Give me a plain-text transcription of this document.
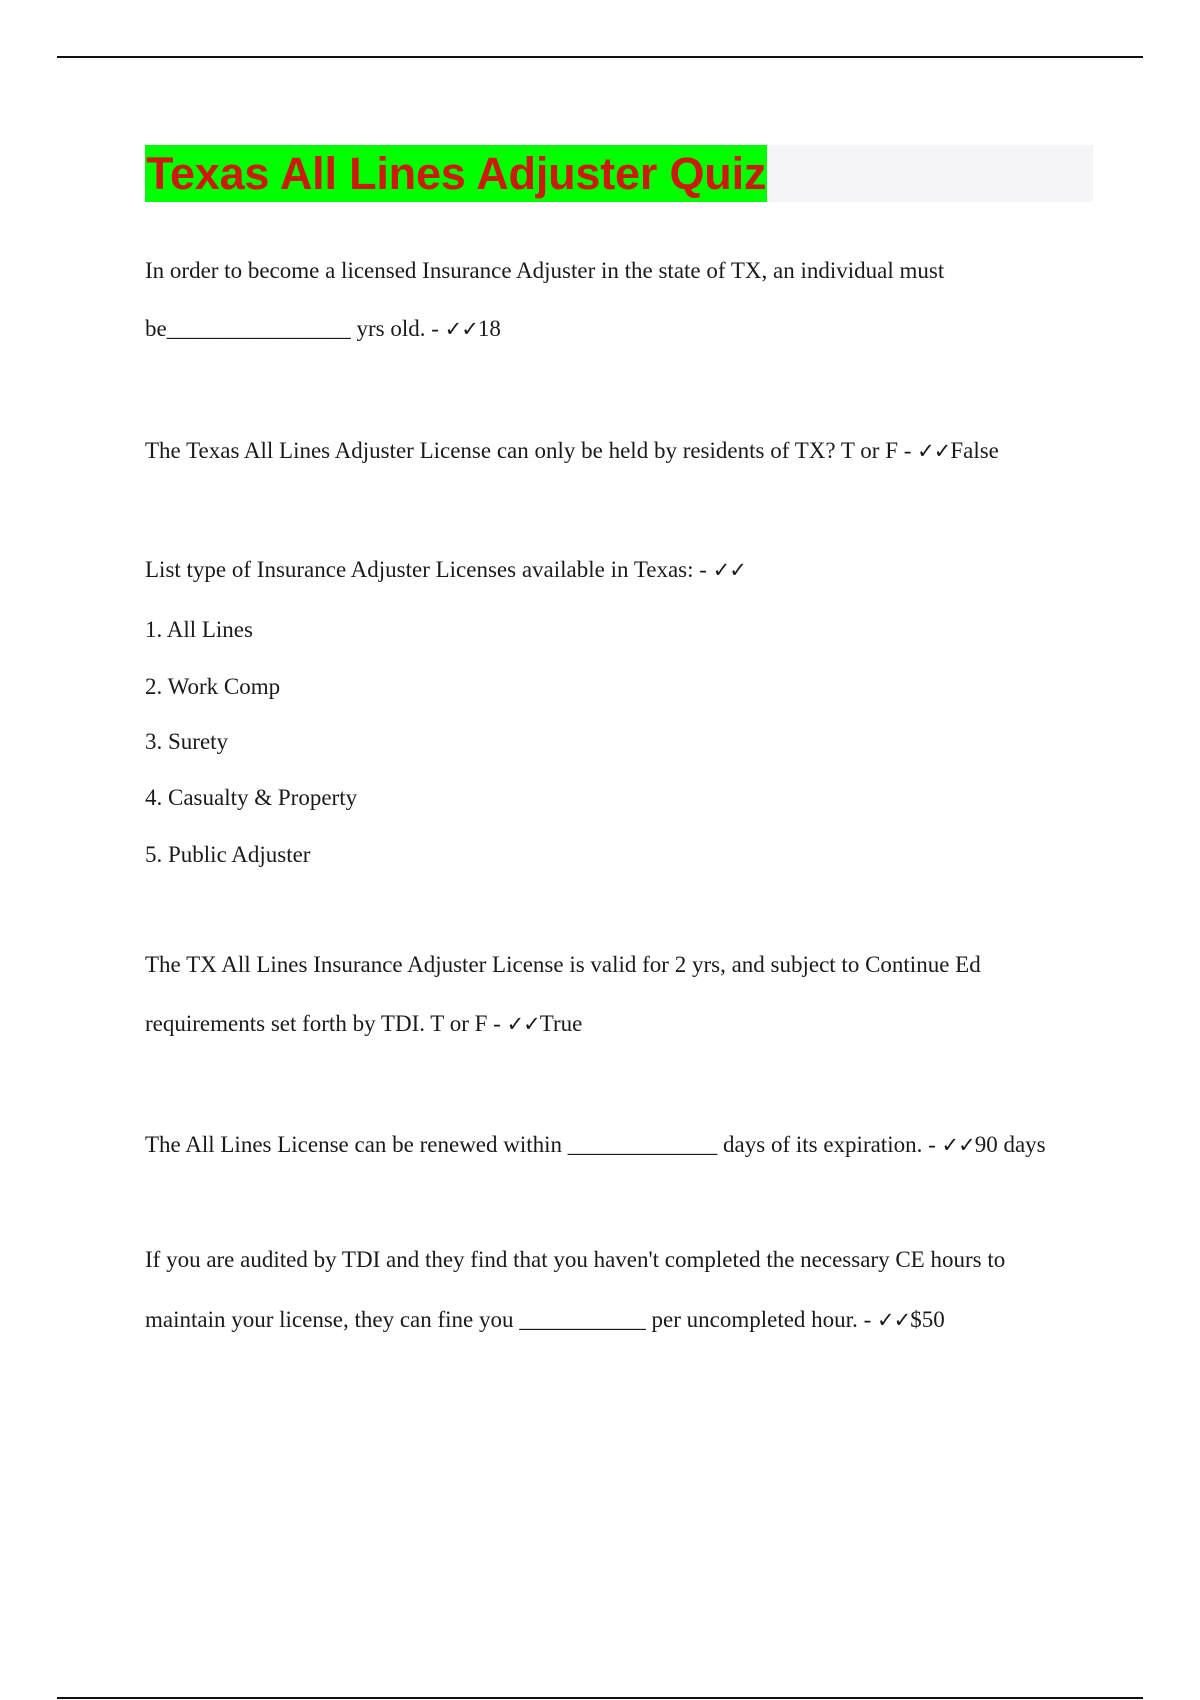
Texas All Lines Adjuster Quiz

In order to become a licensed Insurance Adjuster in the state of TX, an individual must

be________________ yrs old. - ✓✓18

The Texas All Lines Adjuster License can only be held by residents of TX? T or F - ✓✓False

List type of Insurance Adjuster Licenses available in Texas: - ✓✓

1. All Lines

2. Work Comp

3. Surety

4. Casualty & Property

5. Public Adjuster

The TX All Lines Insurance Adjuster License is valid for 2 yrs, and subject to Continue Ed

requirements set forth by TDI. T or F - ✓✓True

The All Lines License can be renewed within _____________ days of its expiration. - ✓✓90 days

If you are audited by TDI and they find that you haven't completed the necessary CE hours to

maintain your license, they can fine you ___________ per uncompleted hour. - ✓✓$50
